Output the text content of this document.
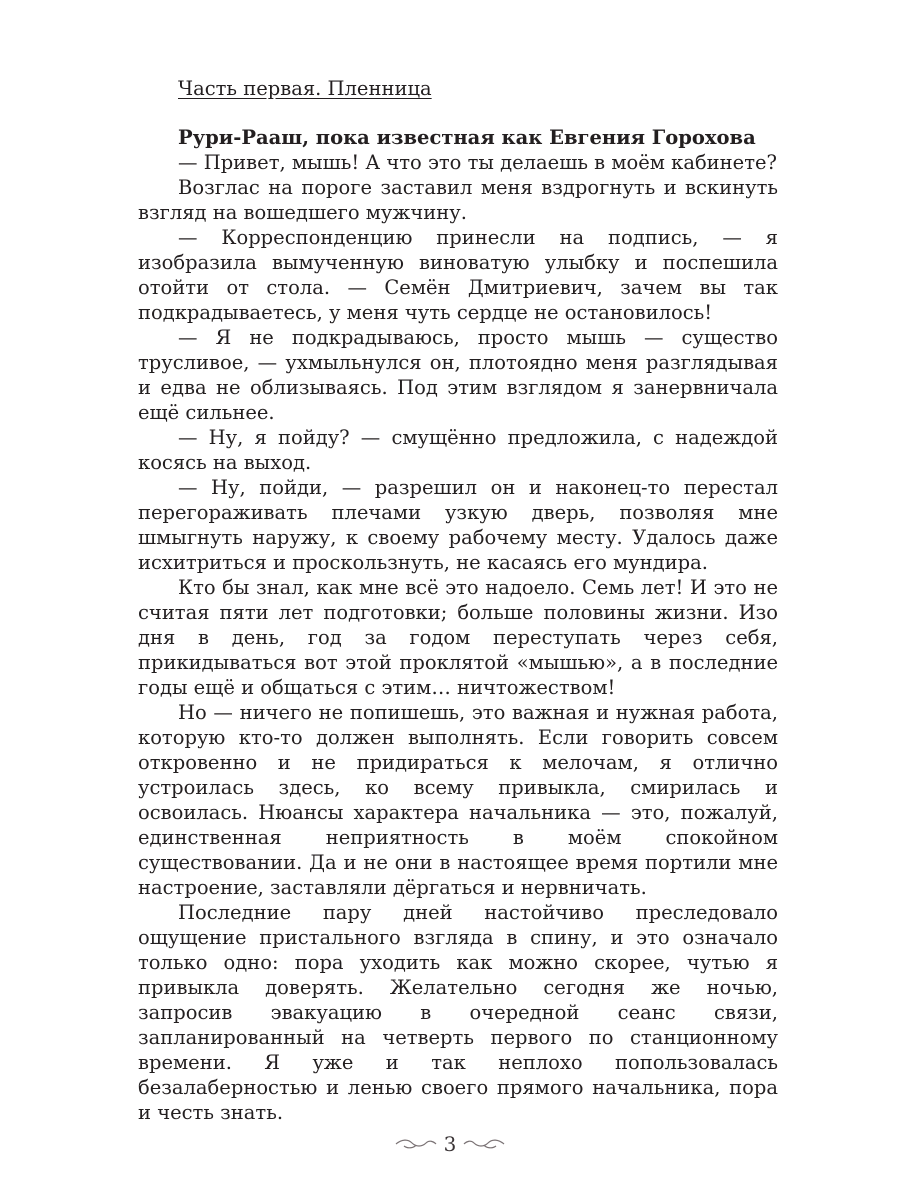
Часть первая. Пленница
Рури-Рааш, пока известная как Евгения Горохова

— Привет, мышь! А что это ты делаешь в моём кабинете?

Возглас на пороге заставил меня вздрогнуть и вскинуть взгляд на вошедшего мужчину.

— Корреспонденцию принесли на подпись, — я изобразила вымученную виноватую улыбку и поспешила отойти от стола. — Семён Дмитриевич, зачем вы так подкрадываетесь, у меня чуть сердце не остановилось!

— Я не подкрадываюсь, просто мышь — существо трусливое, — ухмыльнулся он, плотоядно меня разглядывая и едва не облизываясь. Под этим взглядом я занервничала ещё сильнее.

— Ну, я пойду? — смущённо предложила, с надеждой косясь на выход.

— Ну, пойди, — разрешил он и наконец-то перестал перегораживать плечами узкую дверь, позволяя мне шмыгнуть наружу, к своему рабочему месту. Удалось даже исхитриться и проскользнуть, не касаясь его мундира.

Кто бы знал, как мне всё это надоело. Семь лет! И это не считая пяти лет подготовки; больше половины жизни. Изо дня в день, год за годом переступать через себя, прикидываться вот этой проклятой «мышью», а в последние годы ещё и общаться с этим… ничтожеством!

Но — ничего не попишешь, это важная и нужная работа, которую кто-то должен выполнять. Если говорить совсем откровенно и не придираться к мелочам, я отлично устроилась здесь, ко всему привыкла, смирилась и освоилась. Нюансы характера начальника — это, пожалуй, единственная неприятность в моём спокойном существовании. Да и не они в настоящее время портили мне настроение, заставляли дёргаться и нервничать.

Последние пару дней настойчиво преследовало ощущение пристального взгляда в спину, и это означало только одно: пора уходить как можно скорее, чутью я привыкла доверять. Желательно сегодня же ночью, запросив эвакуацию в очередной сеанс связи, запланированный на четверть первого по станционному времени. Я уже и так неплохо попользовалась безалаберностью и ленью своего прямого начальника, пора и честь знать.

3
